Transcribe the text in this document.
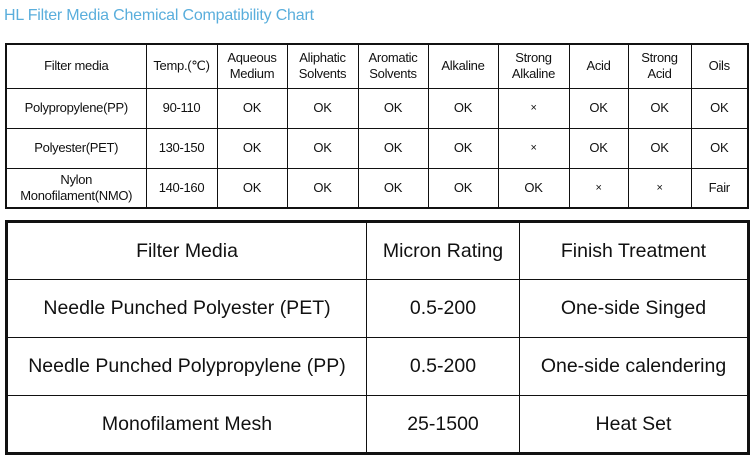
HL Filter Media Chemical Compatibility Chart
Filter media	Temp.(℃)	Aqueous Medium	Aliphatic Solvents	Aromatic Solvents	Alkaline	Strong Alkaline	Acid	Strong Acid	Oils
Polypropylene(PP)	90-110	OK	OK	OK	OK	×	OK	OK	OK
Polyester(PET)	130-150	OK	OK	OK	OK	×	OK	OK	OK
Nylon Monofilament(NMO)	140-160	OK	OK	OK	OK	OK	×	×	Fair
Filter Media	Micron Rating	Finish Treatment
Needle Punched Polyester (PET)	0.5-200	One-side Singed
Needle Punched Polypropylene (PP)	0.5-200	One-side calendering
Monofilament Mesh	25-1500	Heat Set
